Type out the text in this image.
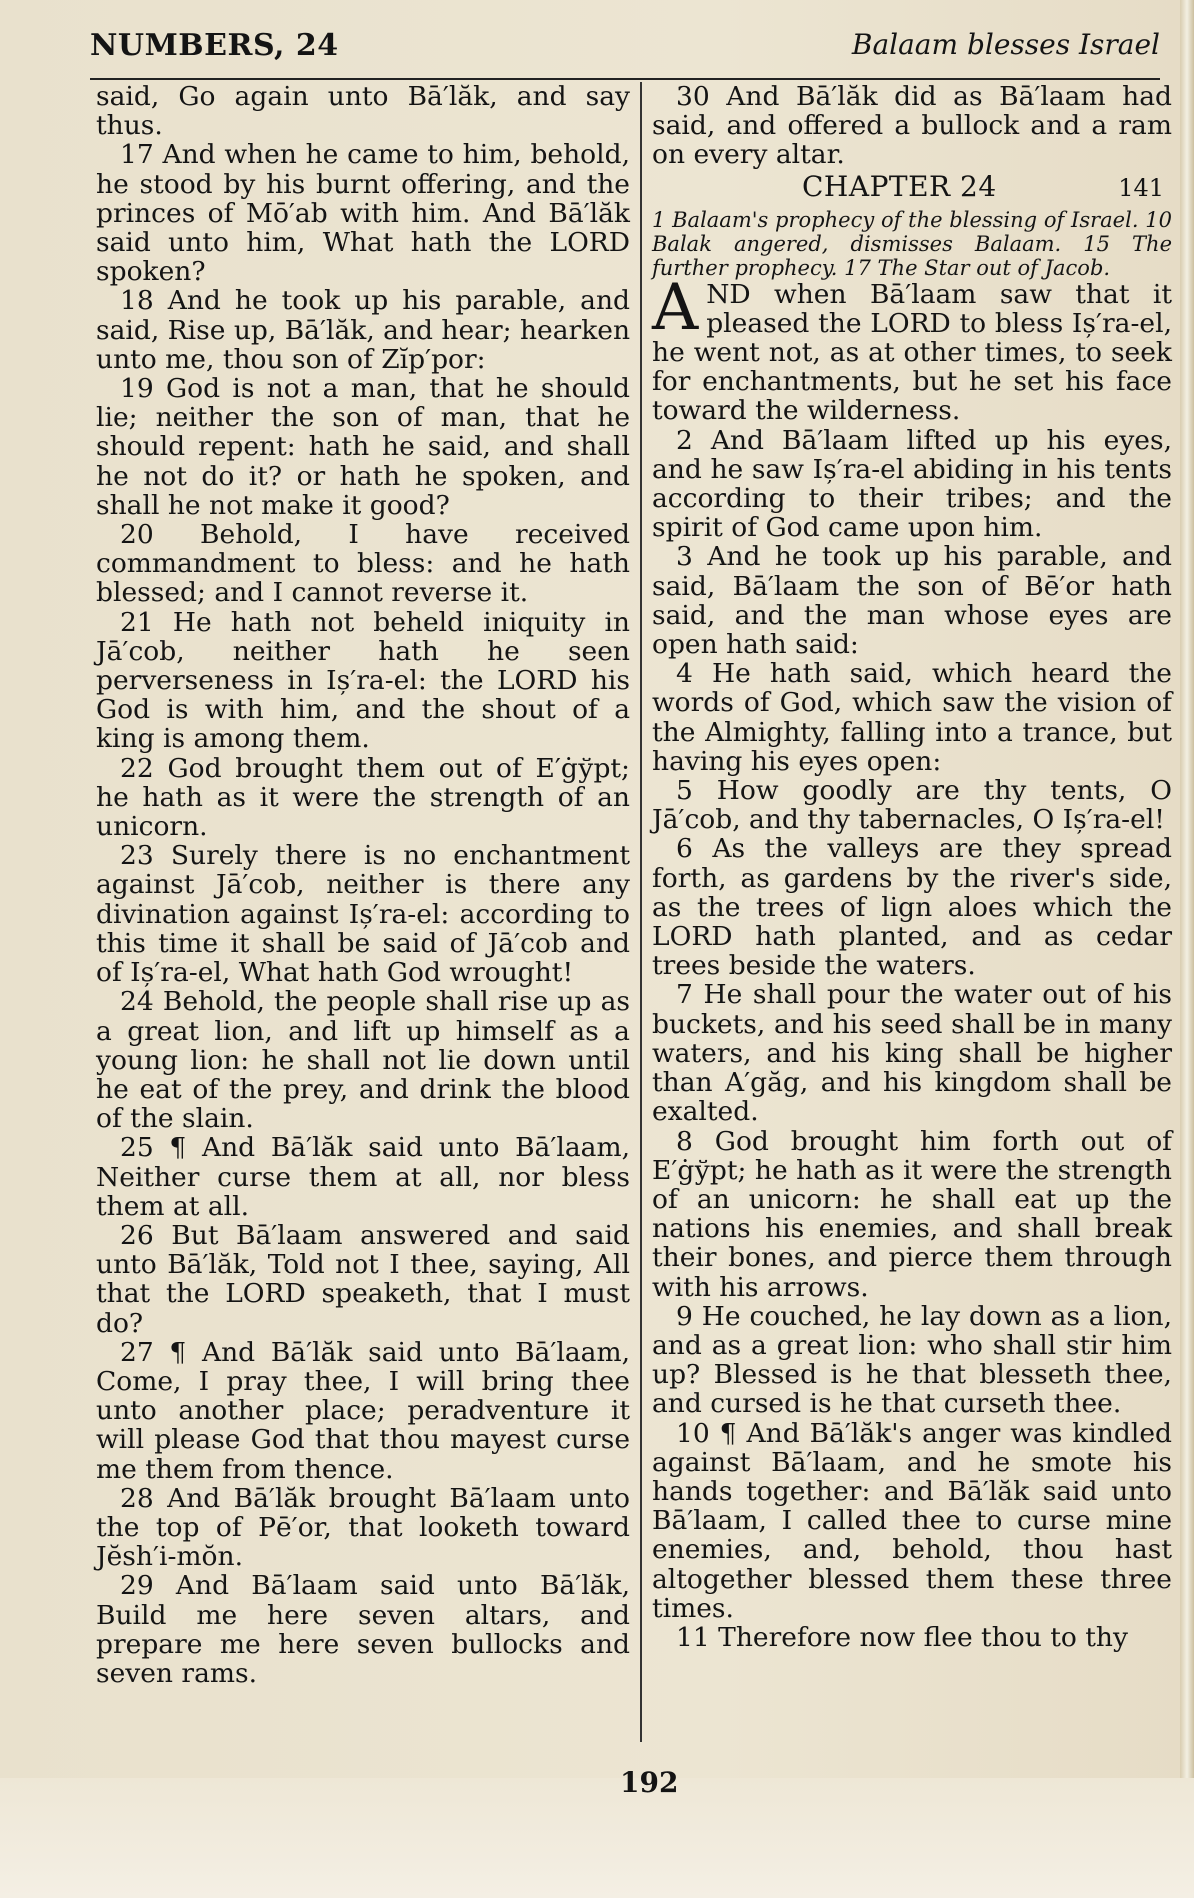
NUMBERS, 24	Balaam blesses Israel

said, Go again unto Bā′lăk, and say thus.

17 And when he came to him, behold, he stood by his burnt offering, and the princes of Mō′ab with him. And Bā′lăk said unto him, What hath the LORD spoken?

18 And he took up his parable, and said, Rise up, Bā′lăk, and hear; hearken unto me, thou son of Zĭp′por:

19 God is not a man, that he should lie; neither the son of man, that he should repent: hath he said, and shall he not do it? or hath he spoken, and shall he not make it good?

20 Behold, I have received commandment to bless: and he hath blessed; and I cannot reverse it.

21 He hath not beheld iniquity in Jā′cob, neither hath he seen perverseness in Iș′ra-el: the LORD his God is with him, and the shout of a king is among them.

22 God brought them out of E′ġўpt; he hath as it were the strength of an unicorn.

23 Surely there is no enchantment against Jā′cob, neither is there any divination against Iș′ra-el: according to this time it shall be said of Jā′cob and of Iș′ra-el, What hath God wrought!

24 Behold, the people shall rise up as a great lion, and lift up himself as a young lion: he shall not lie down until he eat of the prey, and drink the blood of the slain.

25 ¶ And Bā′lăk said unto Bā′laam, Neither curse them at all, nor bless them at all.

26 But Bā′laam answered and said unto Bā′lăk, Told not I thee, saying, All that the LORD speaketh, that I must do?

27 ¶ And Bā′lăk said unto Bā′laam, Come, I pray thee, I will bring thee unto another place; peradventure it will please God that thou mayest curse me them from thence.

28 And Bā′lăk brought Bā′laam unto the top of Pē′or, that looketh toward Jĕsh′i-mŏn.

29 And Bā′laam said unto Bā′lăk, Build me here seven altars, and prepare me here seven bullocks and seven rams.

30 And Bā′lăk did as Bā′laam had said, and offered a bullock and a ram on every altar.

CHAPTER 24	141

1 Balaam's prophecy of the blessing of Israel. 10 Balak angered, dismisses Balaam. 15 The further prophecy. 17 The Star out of Jacob.

AND when Bā′laam saw that it pleased the LORD to bless Iș′ra-el, he went not, as at other times, to seek for enchantments, but he set his face toward the wilderness.

2 And Bā′laam lifted up his eyes, and he saw Iș′ra-el abiding in his tents according to their tribes; and the spirit of God came upon him.

3 And he took up his parable, and said, Bā′laam the son of Bē′or hath said, and the man whose eyes are open hath said:

4 He hath said, which heard the words of God, which saw the vision of the Almighty, falling into a trance, but having his eyes open:

5 How goodly are thy tents, O Jā′cob, and thy tabernacles, O Iș′ra-el!

6 As the valleys are they spread forth, as gardens by the river's side, as the trees of lign aloes which the LORD hath planted, and as cedar trees beside the waters.

7 He shall pour the water out of his buckets, and his seed shall be in many waters, and his king shall be higher than A′găg, and his kingdom shall be exalted.

8 God brought him forth out of E′ġўpt; he hath as it were the strength of an unicorn: he shall eat up the nations his enemies, and shall break their bones, and pierce them through with his arrows.

9 He couched, he lay down as a lion, and as a great lion: who shall stir him up? Blessed is he that blesseth thee, and cursed is he that curseth thee.

10 ¶ And Bā′lăk's anger was kindled against Bā′laam, and he smote his hands together: and Bā′lăk said unto Bā′laam, I called thee to curse mine enemies, and, behold, thou hast altogether blessed them these three times.

11 Therefore now flee thou to thy

192
